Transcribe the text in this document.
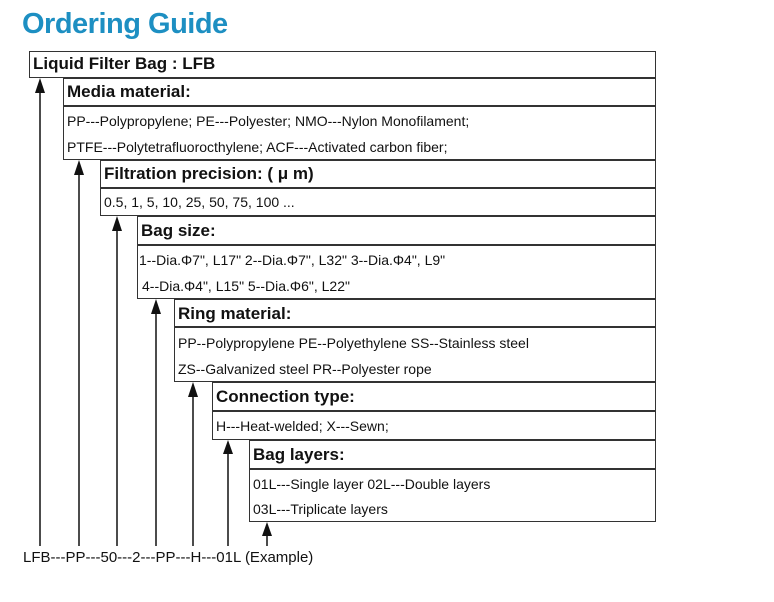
Ordering Guide
Liquid Filter Bag : LFB
Media material:
PP---Polypropylene; PE---Polyester; NMO---Nylon Monofilament;
PTFE---Polytetrafluorocthylene; ACF---Activated carbon fiber;
Filtration precision: ( μ m)
0.5, 1, 5, 10, 25, 50, 75, 100 ...
Bag size:
1--Dia.Φ7", L17" 2--Dia.Φ7", L32" 3--Dia.Φ4", L9"
4--Dia.Φ4", L15" 5--Dia.Φ6", L22"
Ring material:
PP--Polypropylene PE--Polyethylene SS--Stainless steel
ZS--Galvanized steel PR--Polyester rope
Connection type:
H---Heat-welded; X---Sewn;
Bag layers:
01L---Single layer 02L---Double layers
03L---Triplicate layers
LFB---PP---50---2---PP---H---01L (Example)
